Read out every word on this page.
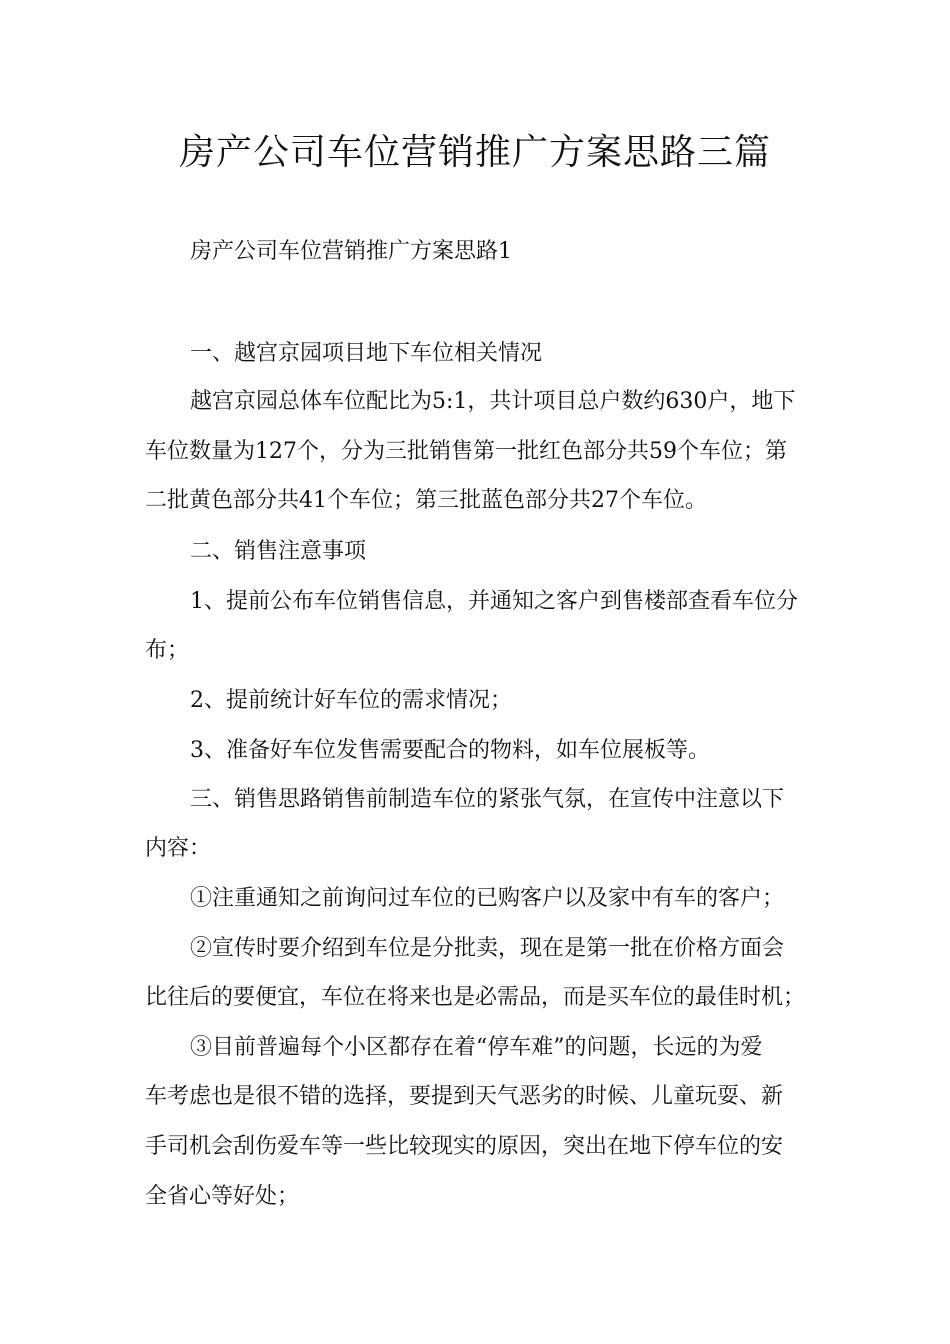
房产公司车位营销推广方案思路三篇

房产公司车位营销推广方案思路1

一、越宫京园项目地下车位相关情况

越宫京园总体车位配比为5:1，共计项目总户数约630户，地下

车位数量为127个，分为三批销售第一批红色部分共59个车位；第

二批黄色部分共41个车位；第三批蓝色部分共27个车位。

二、销售注意事项

1、提前公布车位销售信息，并通知之客户到售楼部查看车位分

布；

2、提前统计好车位的需求情况；

3、准备好车位发售需要配合的物料，如车位展板等。

三、销售思路销售前制造车位的紧张气氛，在宣传中注意以下

内容：

①注重通知之前询问过车位的已购客户以及家中有车的客户；

②宣传时要介绍到车位是分批卖，现在是第一批在价格方面会

比往后的要便宜，车位在将来也是必需品，而是买车位的最佳时机；

③目前普遍每个小区都存在着“停车难”的问题，长远的为爱

车考虑也是很不错的选择，要提到天气恶劣的时候、儿童玩耍、新

手司机会刮伤爱车等一些比较现实的原因，突出在地下停车位的安

全省心等好处；
